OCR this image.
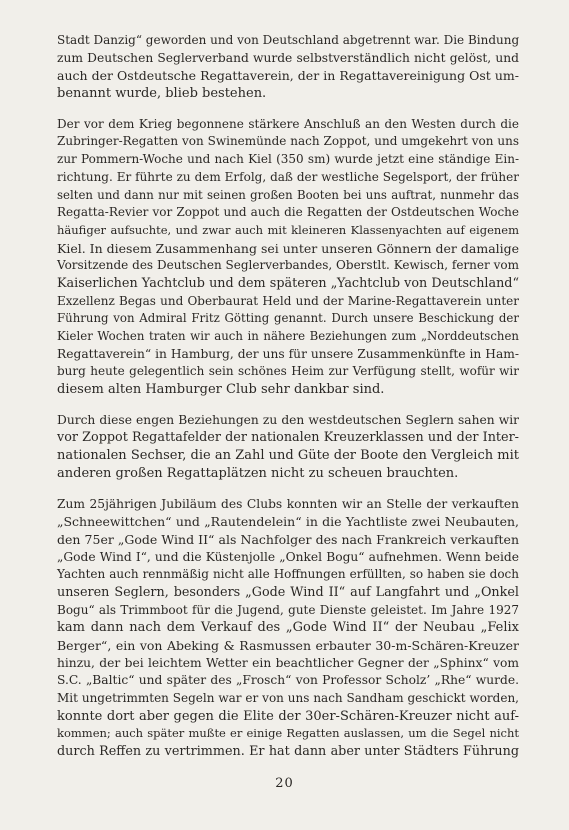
Stadt Danzig“ geworden und von Deutschland abgetrennt war. Die Bindung
zum Deutschen Seglerverband wurde selbstverständlich nicht gelöst, und
auch der Ostdeutsche Regattaverein, der in Regattavereinigung Ost um-
benannt wurde, blieb bestehen.
Der vor dem Krieg begonnene stärkere Anschluß an den Westen durch die
Zubringer-Regatten von Swinemünde nach Zoppot, und umgekehrt von uns
zur Pommern-Woche und nach Kiel (350 sm) wurde jetzt eine ständige Ein-
richtung. Er führte zu dem Erfolg, daß der westliche Segelsport, der früher
selten und dann nur mit seinen großen Booten bei uns auftrat, nunmehr das
Regatta-Revier vor Zoppot und auch die Regatten der Ostdeutschen Woche
häufiger aufsuchte, und zwar auch mit kleineren Klassenyachten auf eigenem
Kiel. In diesem Zusammenhang sei unter unseren Gönnern der damalige
Vorsitzende des Deutschen Seglerverbandes, Oberstlt. Kewisch, ferner vom
Kaiserlichen Yachtclub und dem späteren „Yachtclub von Deutschland“
Exzellenz Begas und Oberbaurat Held und der Marine-Regattaverein unter
Führung von Admiral Fritz Götting genannt. Durch unsere Beschickung der
Kieler Wochen traten wir auch in nähere Beziehungen zum „Norddeutschen
Regattaverein“ in Hamburg, der uns für unsere Zusammenkünfte in Ham-
burg heute gelegentlich sein schönes Heim zur Verfügung stellt, wofür wir
diesem alten Hamburger Club sehr dankbar sind.
Durch diese engen Beziehungen zu den westdeutschen Seglern sahen wir
vor Zoppot Regattafelder der nationalen Kreuzerklassen und der Inter-
nationalen Sechser, die an Zahl und Güte der Boote den Vergleich mit
anderen großen Regattaplätzen nicht zu scheuen brauchten.
Zum 25jährigen Jubiläum des Clubs konnten wir an Stelle der verkauften
„Schneewittchen“ und „Rautendelein“ in die Yachtliste zwei Neubauten,
den 75er „Gode Wind II“ als Nachfolger des nach Frankreich verkauften
„Gode Wind I“, und die Küstenjolle „Onkel Bogu“ aufnehmen. Wenn beide
Yachten auch rennmäßig nicht alle Hoffnungen erfüllten, so haben sie doch
unseren Seglern, besonders „Gode Wind II“ auf Langfahrt und „Onkel
Bogu“ als Trimmboot für die Jugend, gute Dienste geleistet. Im Jahre 1927
kam dann nach dem Verkauf des „Gode Wind II“ der Neubau „Felix
Berger“, ein von Abeking & Rasmussen erbauter 30-m-Schären-Kreuzer
hinzu, der bei leichtem Wetter ein beachtlicher Gegner der „Sphinx“ vom
S.C. „Baltic“ und später des „Frosch“ von Professor Scholz’ „Rhe“ wurde.
Mit ungetrimmten Segeln war er von uns nach Sandham geschickt worden,
konnte dort aber gegen die Elite der 30er-Schären-Kreuzer nicht auf-
kommen; auch später mußte er einige Regatten auslassen, um die Segel nicht
durch Reffen zu vertrimmen. Er hat dann aber unter Städters Führung
20
